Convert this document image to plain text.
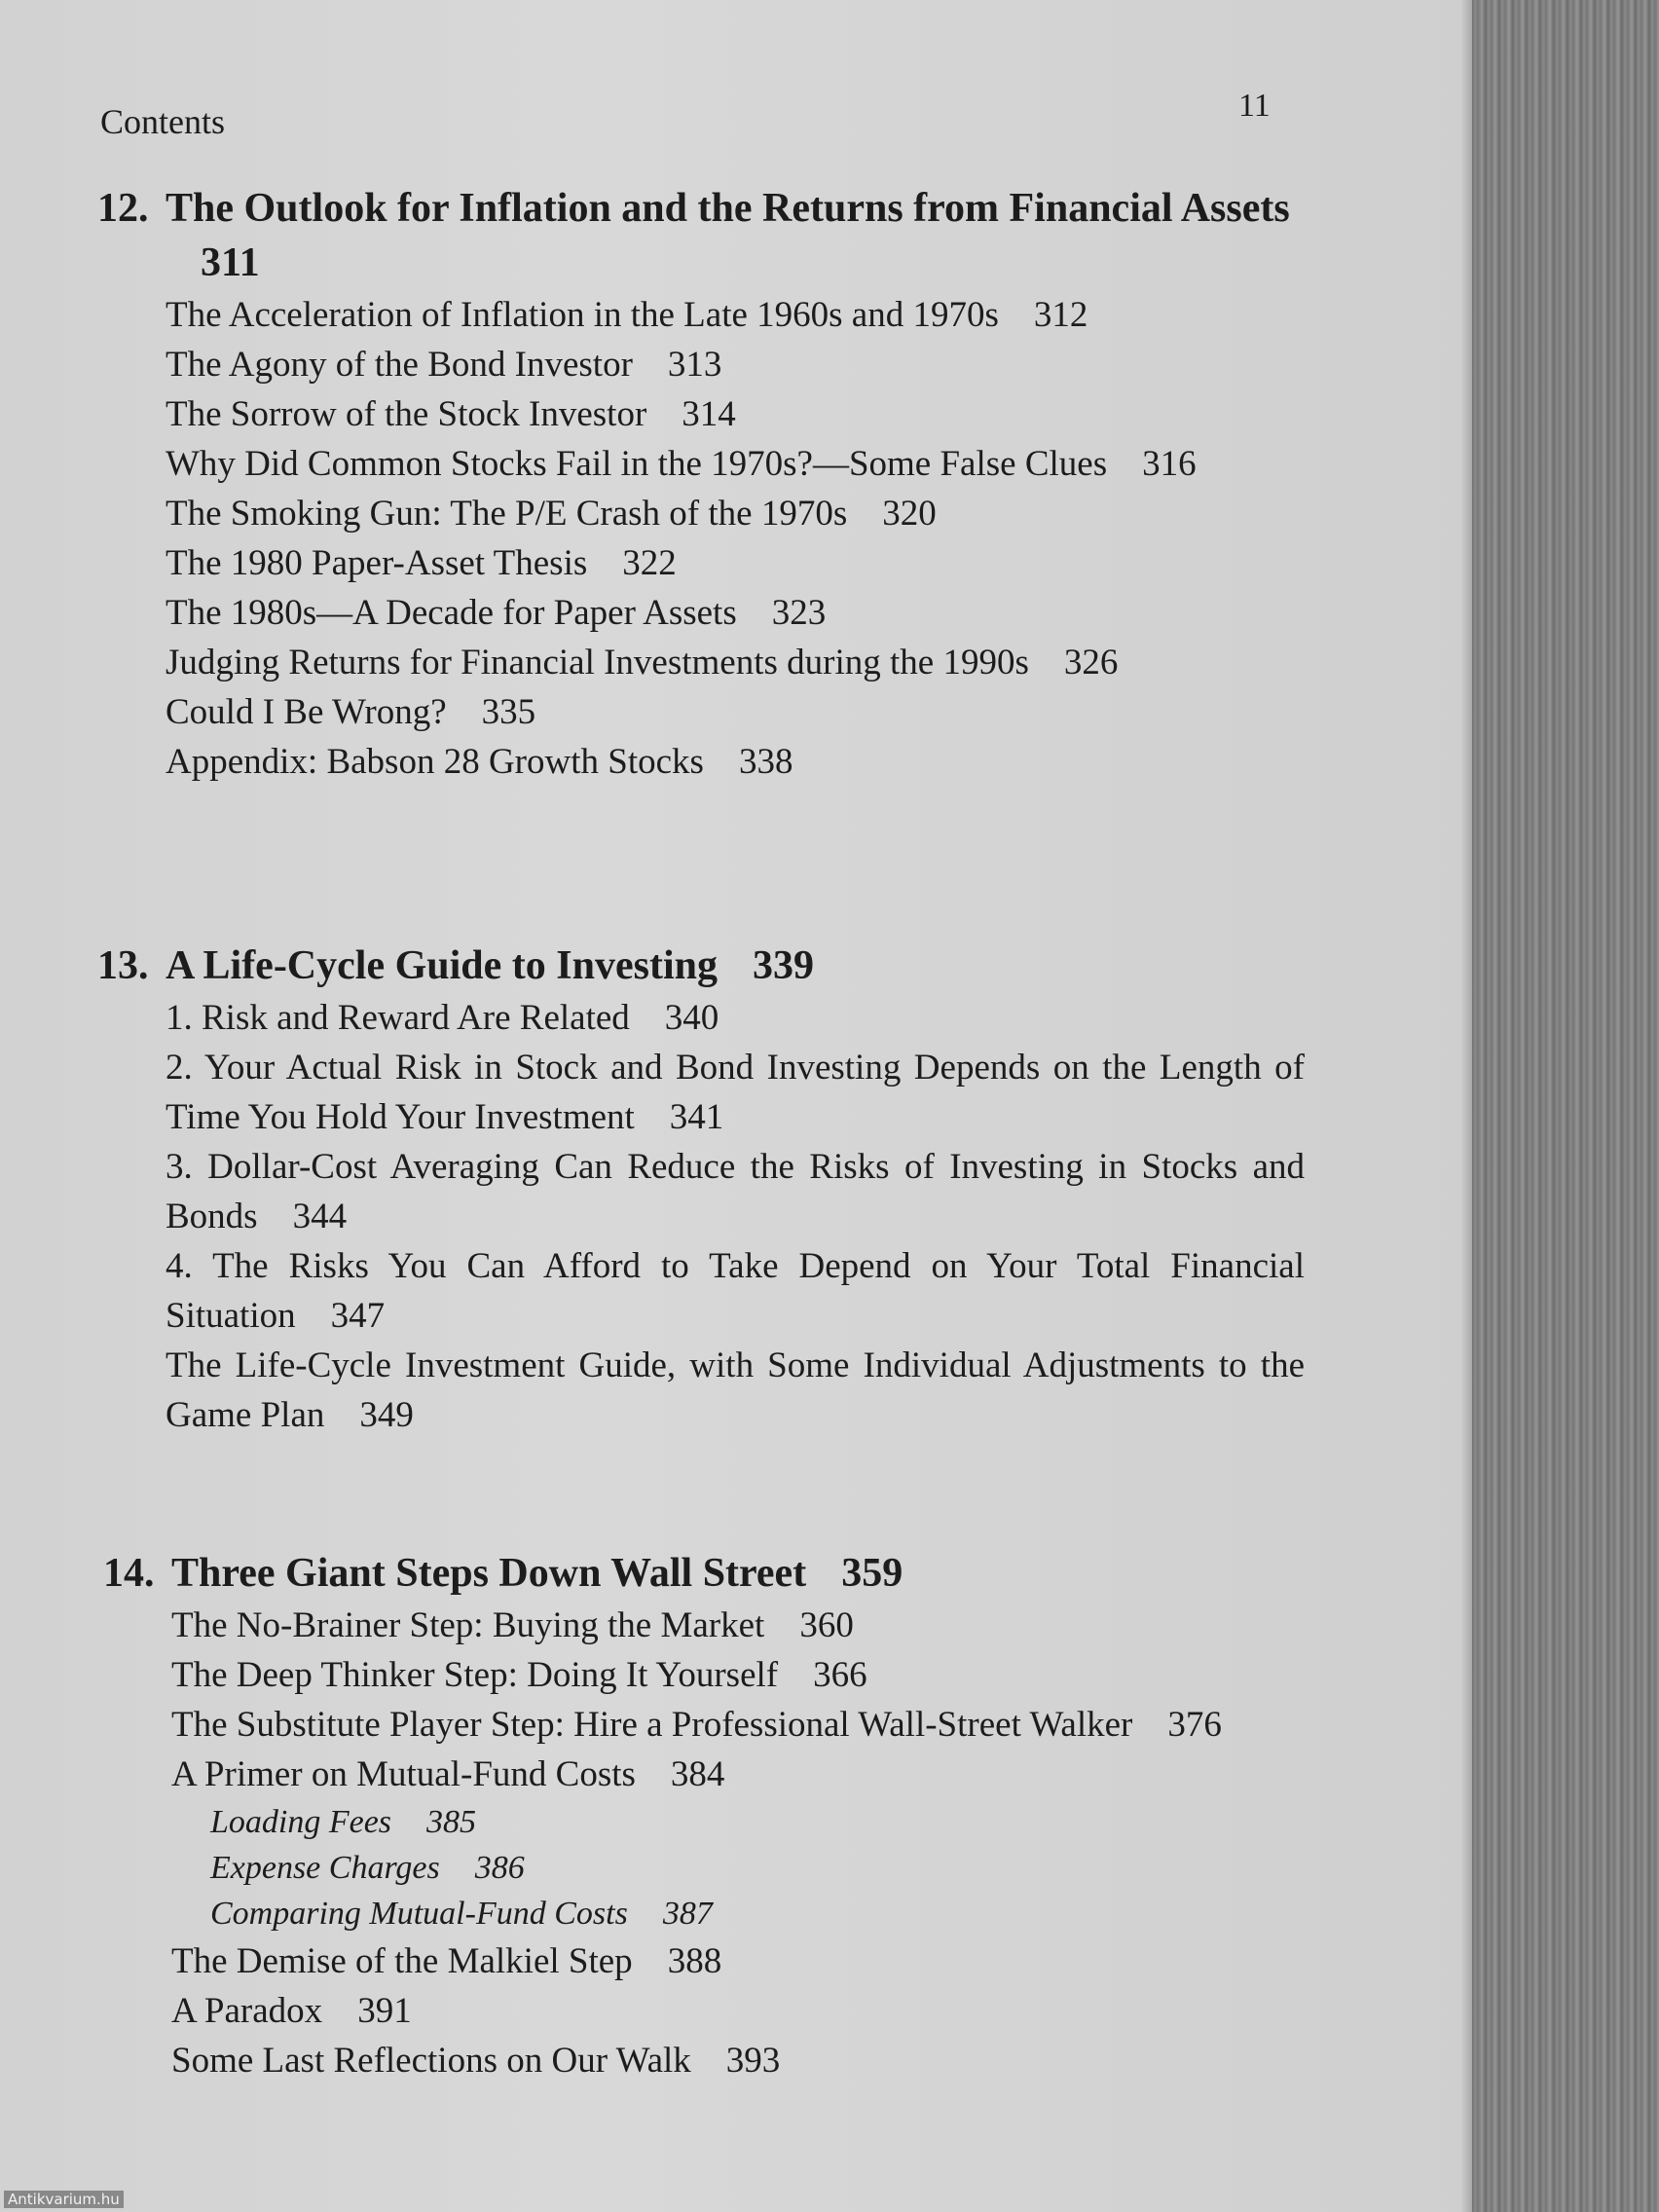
Contents	11
12. The Outlook for Inflation and the Returns from Financial Assets311
The Acceleration of Inflation in the Late 1960s and 1970s 312
The Agony of the Bond Investor 313
The Sorrow of the Stock Investor 314
Why Did Common Stocks Fail in the 1970s?—Some False Clues 316
The Smoking Gun: The P/E Crash of the 1970s 320
The 1980 Paper-Asset Thesis 322
The 1980s—A Decade for Paper Assets 323
Judging Returns for Financial Investments during the 1990s 326
Could I Be Wrong? 335
Appendix: Babson 28 Growth Stocks 338
13. A Life-Cycle Guide to Investing 339
1. Risk and Reward Are Related 340
2. Your Actual Risk in Stock and Bond Investing Depends on the Length of Time You Hold Your Investment 341
3. Dollar-Cost Averaging Can Reduce the Risks of Investing in Stocks and Bonds 344
4. The Risks You Can Afford to Take Depend on Your Total Financial Situation 347
The Life-Cycle Investment Guide, with Some Individual Adjustments to the Game Plan 349
14. Three Giant Steps Down Wall Street 359
The No-Brainer Step: Buying the Market 360
The Deep Thinker Step: Doing It Yourself 366
The Substitute Player Step: Hire a Professional Wall-Street Walker 376
A Primer on Mutual-Fund Costs 384
Loading Fees 385
Expense Charges 386
Comparing Mutual-Fund Costs 387
The Demise of the Malkiel Step 388
A Paradox 391
Some Last Reflections on Our Walk 393
Antikvarium.hu
